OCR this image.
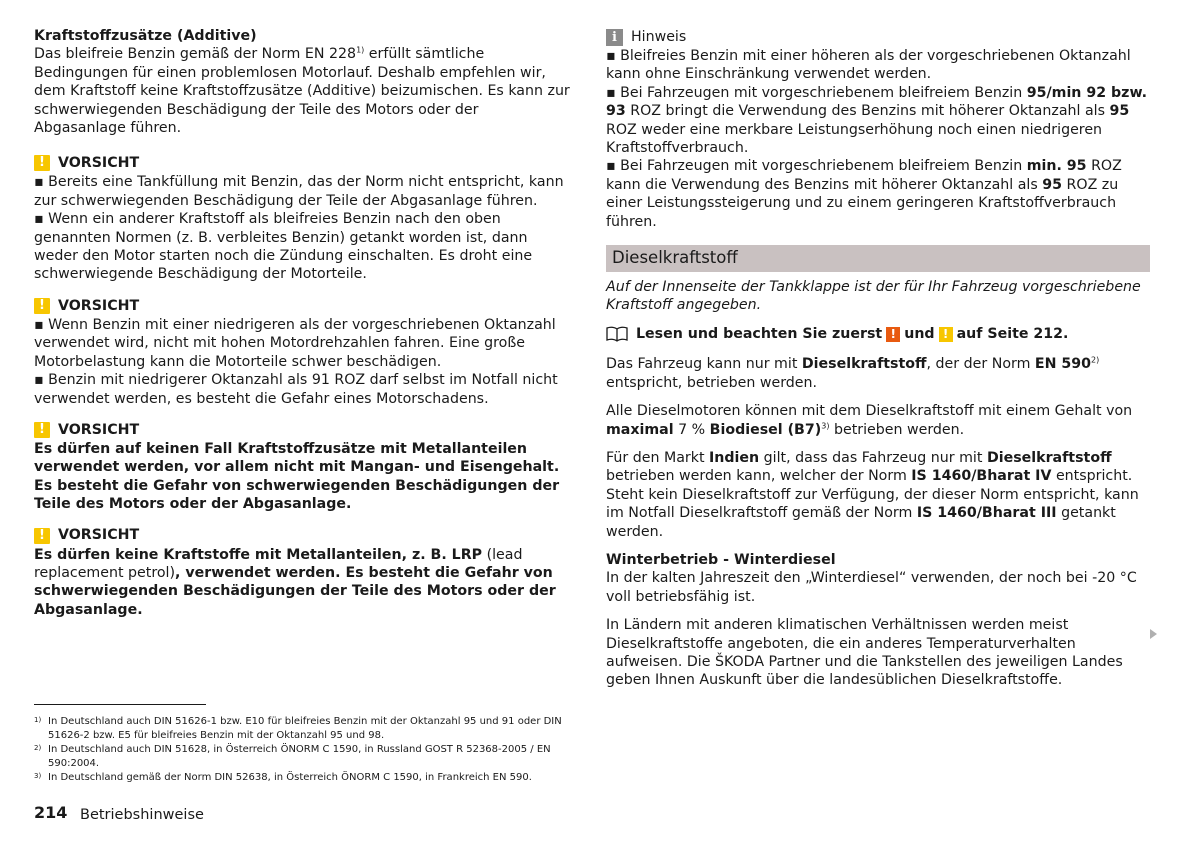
Kraftstoffzusätze (Additive)

Das bleifreie Benzin gemäß der Norm EN 228$^{1)}$ erfüllt sämtliche Bedingungen für einen problemlosen Motorlauf. Deshalb empfehlen wir, dem Kraftstoff keine Kraftstoffzusätze (Additive) beizumischen. Es kann zur schwerwiegenden Beschädigung der Teile des Motors oder der Abgasanlage führen.

! VORSICHT

▪ Bereits eine Tankfüllung mit Benzin, das der Norm nicht entspricht, kann zur schwerwiegenden Beschädigung der Teile der Abgasanlage führen.

▪ Wenn ein anderer Kraftstoff als bleifreies Benzin nach den oben genannten Normen (z. B. verbleites Benzin) getankt worden ist, dann weder den Motor starten noch die Zündung einschalten. Es droht eine schwerwiegende Beschädigung der Motorteile.

! VORSICHT

▪ Wenn Benzin mit einer niedrigeren als der vorgeschriebenen Oktanzahl verwendet wird, nicht mit hohen Motordrehzahlen fahren. Eine große Motorbelastung kann die Motorteile schwer beschädigen.

▪ Benzin mit niedrigerer Oktanzahl als 91 ROZ darf selbst im Notfall nicht verwendet werden, es besteht die Gefahr eines Motorschadens.

! VORSICHT

Es dürfen auf keinen Fall Kraftstoffzusätze mit Metallanteilen verwendet werden, vor allem nicht mit Mangan- und Eisengehalt. Es besteht die Gefahr von schwerwiegenden Beschädigungen der Teile des Motors oder der Abgasanlage.

! VORSICHT

Es dürfen keine Kraftstoffe mit Metallanteilen, z. B. LRP (lead replacement petrol), verwendet werden. Es besteht die Gefahr von schwerwiegenden Beschädigungen der Teile des Motors oder der Abgasanlage.

i Hinweis

▪ Bleifreies Benzin mit einer höheren als der vorgeschriebenen Oktanzahl kann ohne Einschränkung verwendet werden.

▪ Bei Fahrzeugen mit vorgeschriebenem bleifreiem Benzin 95/min 92 bzw. 93 ROZ bringt die Verwendung des Benzins mit höherer Oktanzahl als 95 ROZ weder eine merkbare Leistungserhöhung noch einen niedrigeren Kraftstoffverbrauch.

▪ Bei Fahrzeugen mit vorgeschriebenem bleifreiem Benzin min. 95 ROZ kann die Verwendung des Benzins mit höherer Oktanzahl als 95 ROZ zu einer Leistungssteigerung und zu einem geringeren Kraftstoffverbrauch führen.

Dieselkraftstoff

Auf der Innenseite der Tankklappe ist der für Ihr Fahrzeug vorgeschriebene Kraftstoff angegeben.

Lesen und beachten Sie zuerst ! und ! auf Seite 212.

Das Fahrzeug kann nur mit Dieselkraftstoff, der der Norm EN 590$^{2)}$ entspricht, betrieben werden.

Alle Dieselmotoren können mit dem Dieselkraftstoff mit einem Gehalt von maximal 7 % Biodiesel (B7)$^{3)}$ betrieben werden.

Für den Markt Indien gilt, dass das Fahrzeug nur mit Dieselkraftstoff betrieben werden kann, welcher der Norm IS 1460/Bharat IV entspricht. Steht kein Dieselkraftstoff zur Verfügung, der dieser Norm entspricht, kann im Notfall Dieselkraftstoff gemäß der Norm IS 1460/Bharat III getankt werden.

Winterbetrieb - Winterdiesel

In der kalten Jahreszeit den „Winterdiesel“ verwenden, der noch bei -20 °C voll betriebsfähig ist.

In Ländern mit anderen klimatischen Verhältnissen werden meist Dieselkraftstoffe angeboten, die ein anderes Temperaturverhalten aufweisen. Die ŠKODA Partner und die Tankstellen des jeweiligen Landes geben Ihnen Auskunft über die landesüblichen Dieselkraftstoffe.

1) In Deutschland auch DIN 51626-1 bzw. E10 für bleifreies Benzin mit der Oktanzahl 95 und 91 oder DIN 51626-2 bzw. E5 für bleifreies Benzin mit der Oktanzahl 95 und 98.
2) In Deutschland auch DIN 51628, in Österreich ÖNORM C 1590, in Russland GOST R 52368-2005 / EN 590:2004.
3) In Deutschland gemäß der Norm DIN 52638, in Österreich ÖNORM C 1590, in Frankreich EN 590.
214 Betriebshinweise
